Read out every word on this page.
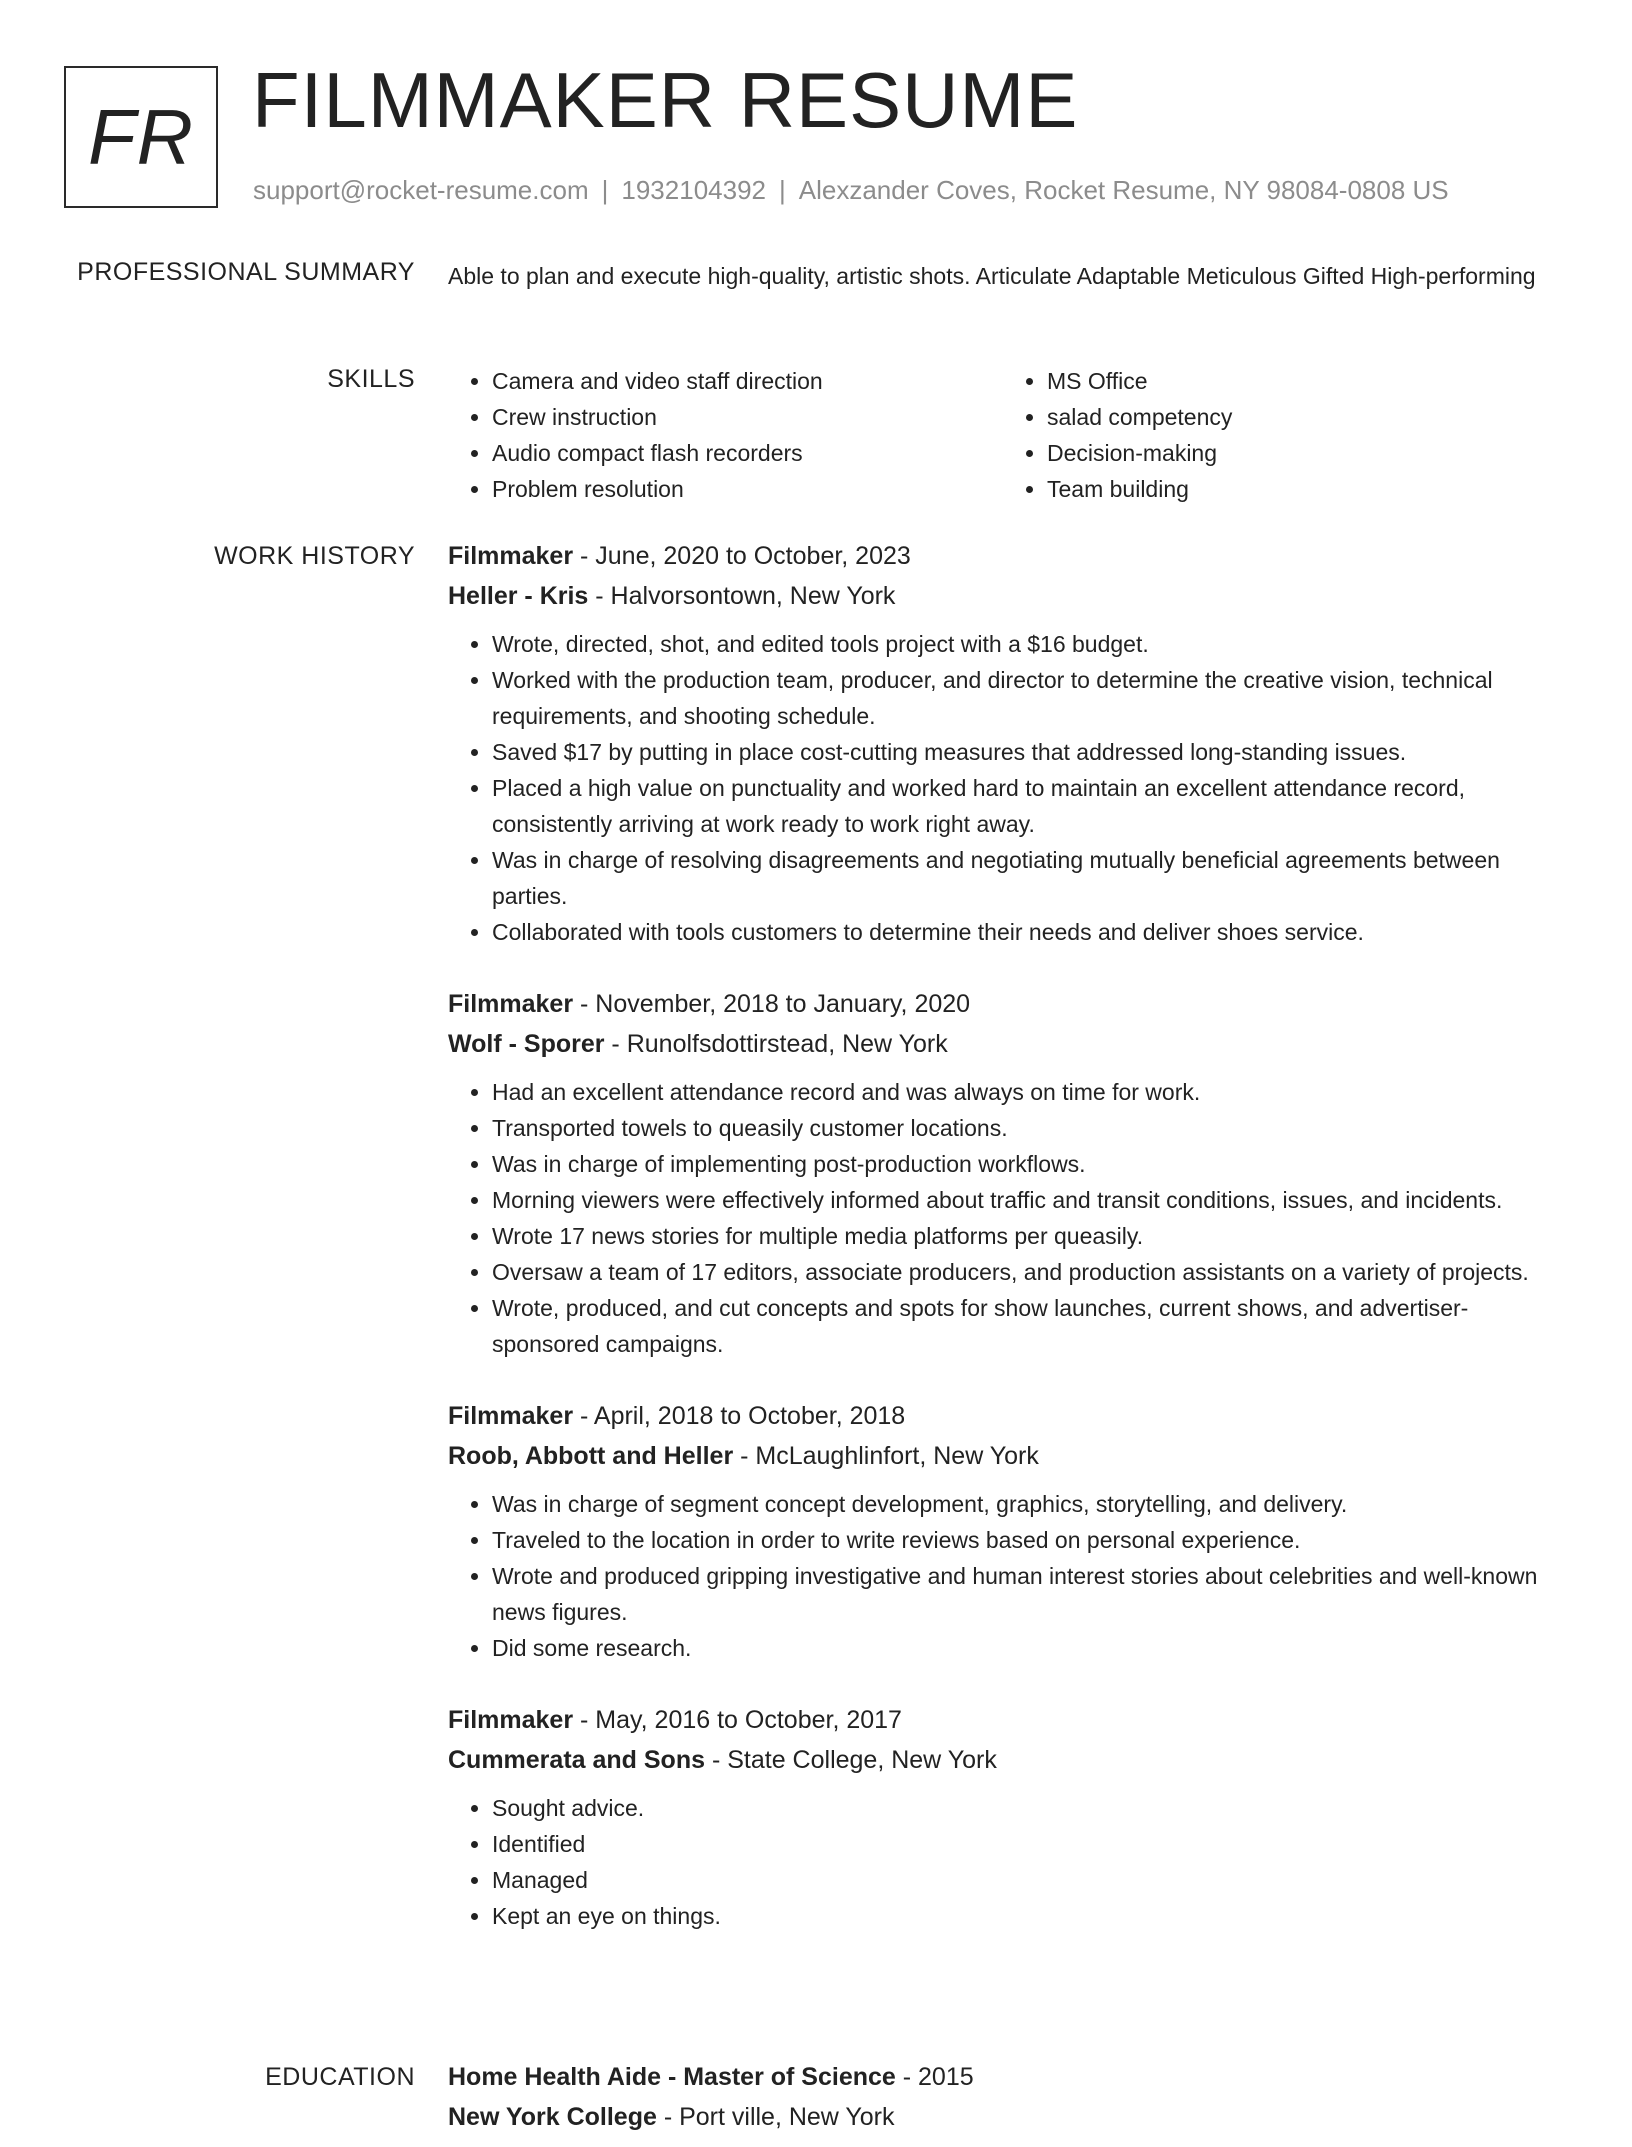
FR FILMMAKER RESUME
support@rocket-resume.com | 1932104392 | Alexzander Coves, Rocket Resume, NY 98084-0808 US
PROFESSIONAL SUMMARY Able to plan and execute high-quality, artistic shots. Articulate Adaptable Meticulous Gifted High-performing

SKILLS
•	Camera and video staff direction
• Crew instruction
• Audio compact flash recorders
• Problem resolution
• MS Office
• salad competency
• Decision-making
• Team building
WORK HISTORY Filmmaker - June, 2020 to October, 2023
Heller - Kris - Halvorsontown, New York
• Wrote, directed, shot, and edited tools project with a $16 budget.
• Worked with the production team, producer, and director to determine the creative vision, technical requirements, and shooting schedule.
• Saved $17 by putting in place cost-cutting measures that addressed long-standing issues.
• Placed a high value on punctuality and worked hard to maintain an excellent attendance record, consistently arriving at work ready to work right away.
• Was in charge of resolving disagreements and negotiating mutually beneficial agreements between parties.
• Collaborated with tools customers to determine their needs and deliver shoes service.
Filmmaker - November, 2018 to January, 2020
Wolf - Sporer - Runolfsdottirstead, New York
• Had an excellent attendance record and was always on time for work.
• Transported towels to queasily customer locations.
• Was in charge of implementing post-production workflows.
• Morning viewers were effectively informed about traffic and transit conditions, issues, and incidents.
• Wrote 17 news stories for multiple media platforms per queasily.
• Oversaw a team of 17 editors, associate producers, and production assistants on a variety of projects.
• Wrote, produced, and cut concepts and spots for show launches, current shows, and advertiser-sponsored campaigns.
Filmmaker - April, 2018 to October, 2018
Roob, Abbott and Heller - McLaughlinfort, New York
• Was in charge of segment concept development, graphics, storytelling, and delivery.
• Traveled to the location in order to write reviews based on personal experience.
• Wrote and produced gripping investigative and human interest stories about celebrities and well-known news figures.
• Did some research.
Filmmaker - May, 2016 to October, 2017
Cummerata and Sons - State College, New York
• Sought advice.
• Identified
• Managed
• Kept an eye on things.
EDUCATION Home Health Aide - Master of Science - 2015
New York College - Port ville, New York
